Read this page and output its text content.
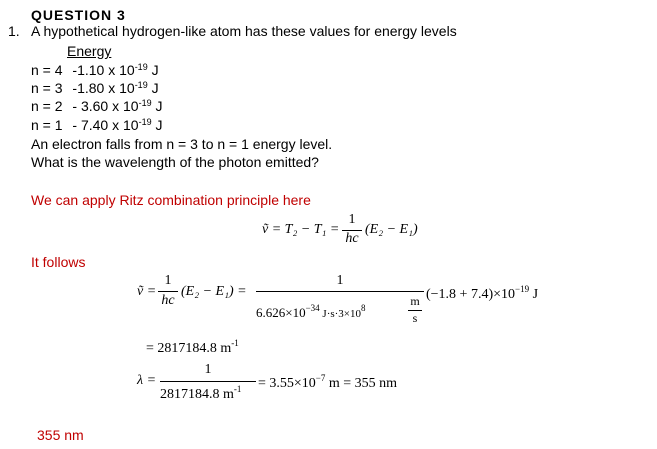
QUESTION 3
1. A hypothetical hydrogen-like atom has these values for energy levels
Energy
n = 4 -1.10 x $10^{-19}$ J
n = 3 -1.80 x $10^{-19}$ J
n = 2 - 3.60 x $10^{-19}$ J
n = 1 - 7.40 x $10^{-19}$ J
An electron falls from n = 3 to n = 1 energy level.
What is the wavelength of the photon emitted?
We can apply Ritz combination principle here
It follows
355 nm
ṽ = T₂ − T₁ =
1
hc
(E₂ − E₁)
ṽ =
1
hc
(E₂ − E₁) =
1
$6.626\times 10^{-34}$ $J\cdot s\cdot 3\times 10^8$	m
s
$(-1.8 + 7.4)\times 10^{-19}$ J
= 2817184.8 $m^{-1}$
λ =
1
2817184.8 $m^{-1} = 3.55\times 10^{-7}$ m = 355 nm
